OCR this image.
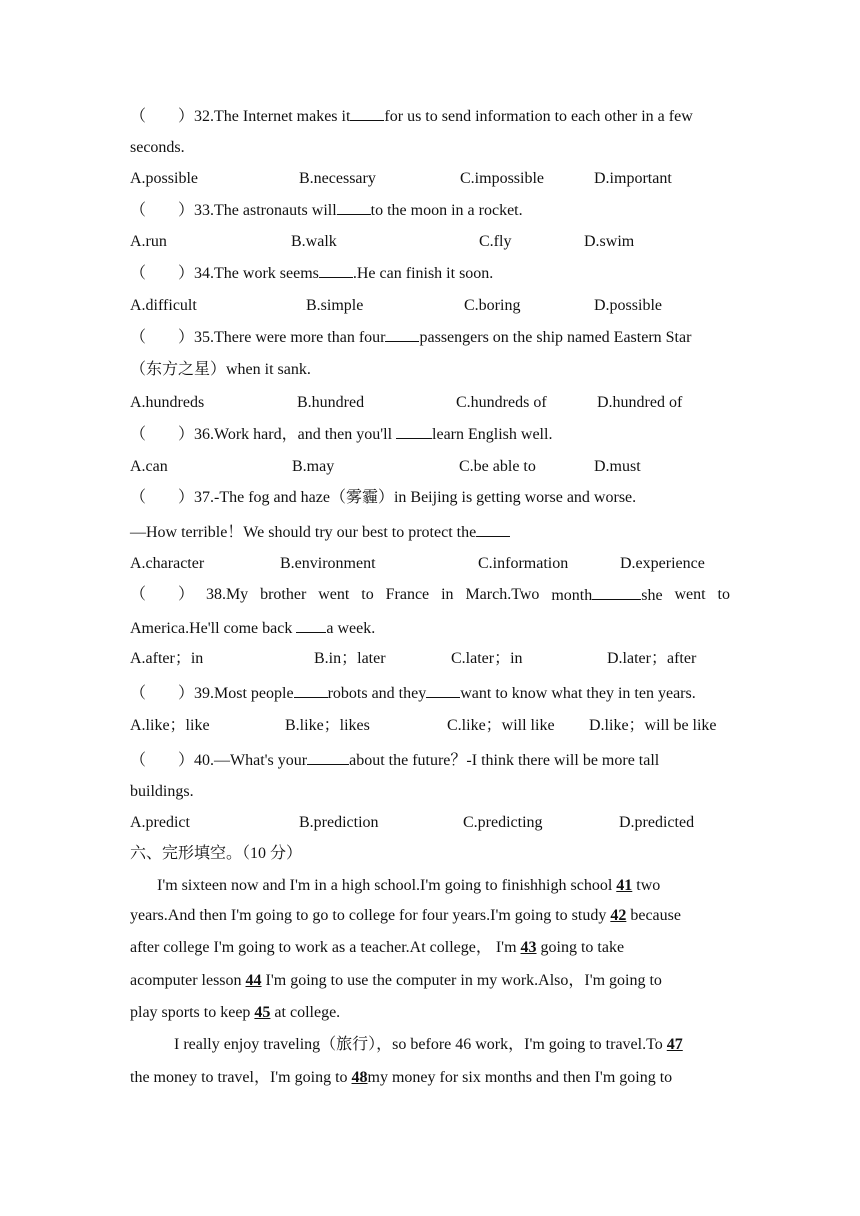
（　　）32.The Internet makes it for us to send information to each other in a few
seconds.
A.possible	B.necessary	C.impossible	D.important
（　　）33.The astronauts will to the moon in a rocket.
A.run	B.walk	C.fly	D.swim
（　　）34.The work seems .He can finish it soon.
A.difficult	B.simple	C.boring	D.possible
（　　）35.There were more than four passengers on the ship named Eastern Star
（东方之星）when it sank.
A.hundreds	B.hundred	C.hundreds of	D.hundred of
（　　）36.Work hard，and then you'll learn English well.
A.can	B.may	C.be able to	D.must
（　　）37.-The fog and haze（雾霾）in Beijing is getting worse and worse.
—How terrible！We should try our best to protect the
A.character	B.environment	C.information	D.experience
（　　） 38.My brother went to France in March.Two month	she went to
America.He'll come back a week.
A.after；in	B.in；later	C.later；in	D.later；after
（　　）39.Most people robots and they want to know what they in ten years.
A.like；like	B.like；likes	C.like；will like D.like；will be like
（　　）40.—What's your	about the future？-I think there will be more tall
buildings.
A.predict	B.prediction	C.predicting	D.predicted
六、完形填空。（10 分）
I'm sixteen now and I'm in a high school.I'm going to finishhigh school 41 two
years.And then I'm going to go to college for four years.I'm going to study 42 because
after college I'm going to work as a teacher.At college， I'm 43 going to take
acomputer lesson 44 I'm going to use the computer in my work.Also，I'm going to
play sports to keep 45 at college.
I really enjoy traveling（旅行），so before 46 work，I'm going to travel.To 47
the money to travel，I'm going to 48my money for six months and then I'm going to
